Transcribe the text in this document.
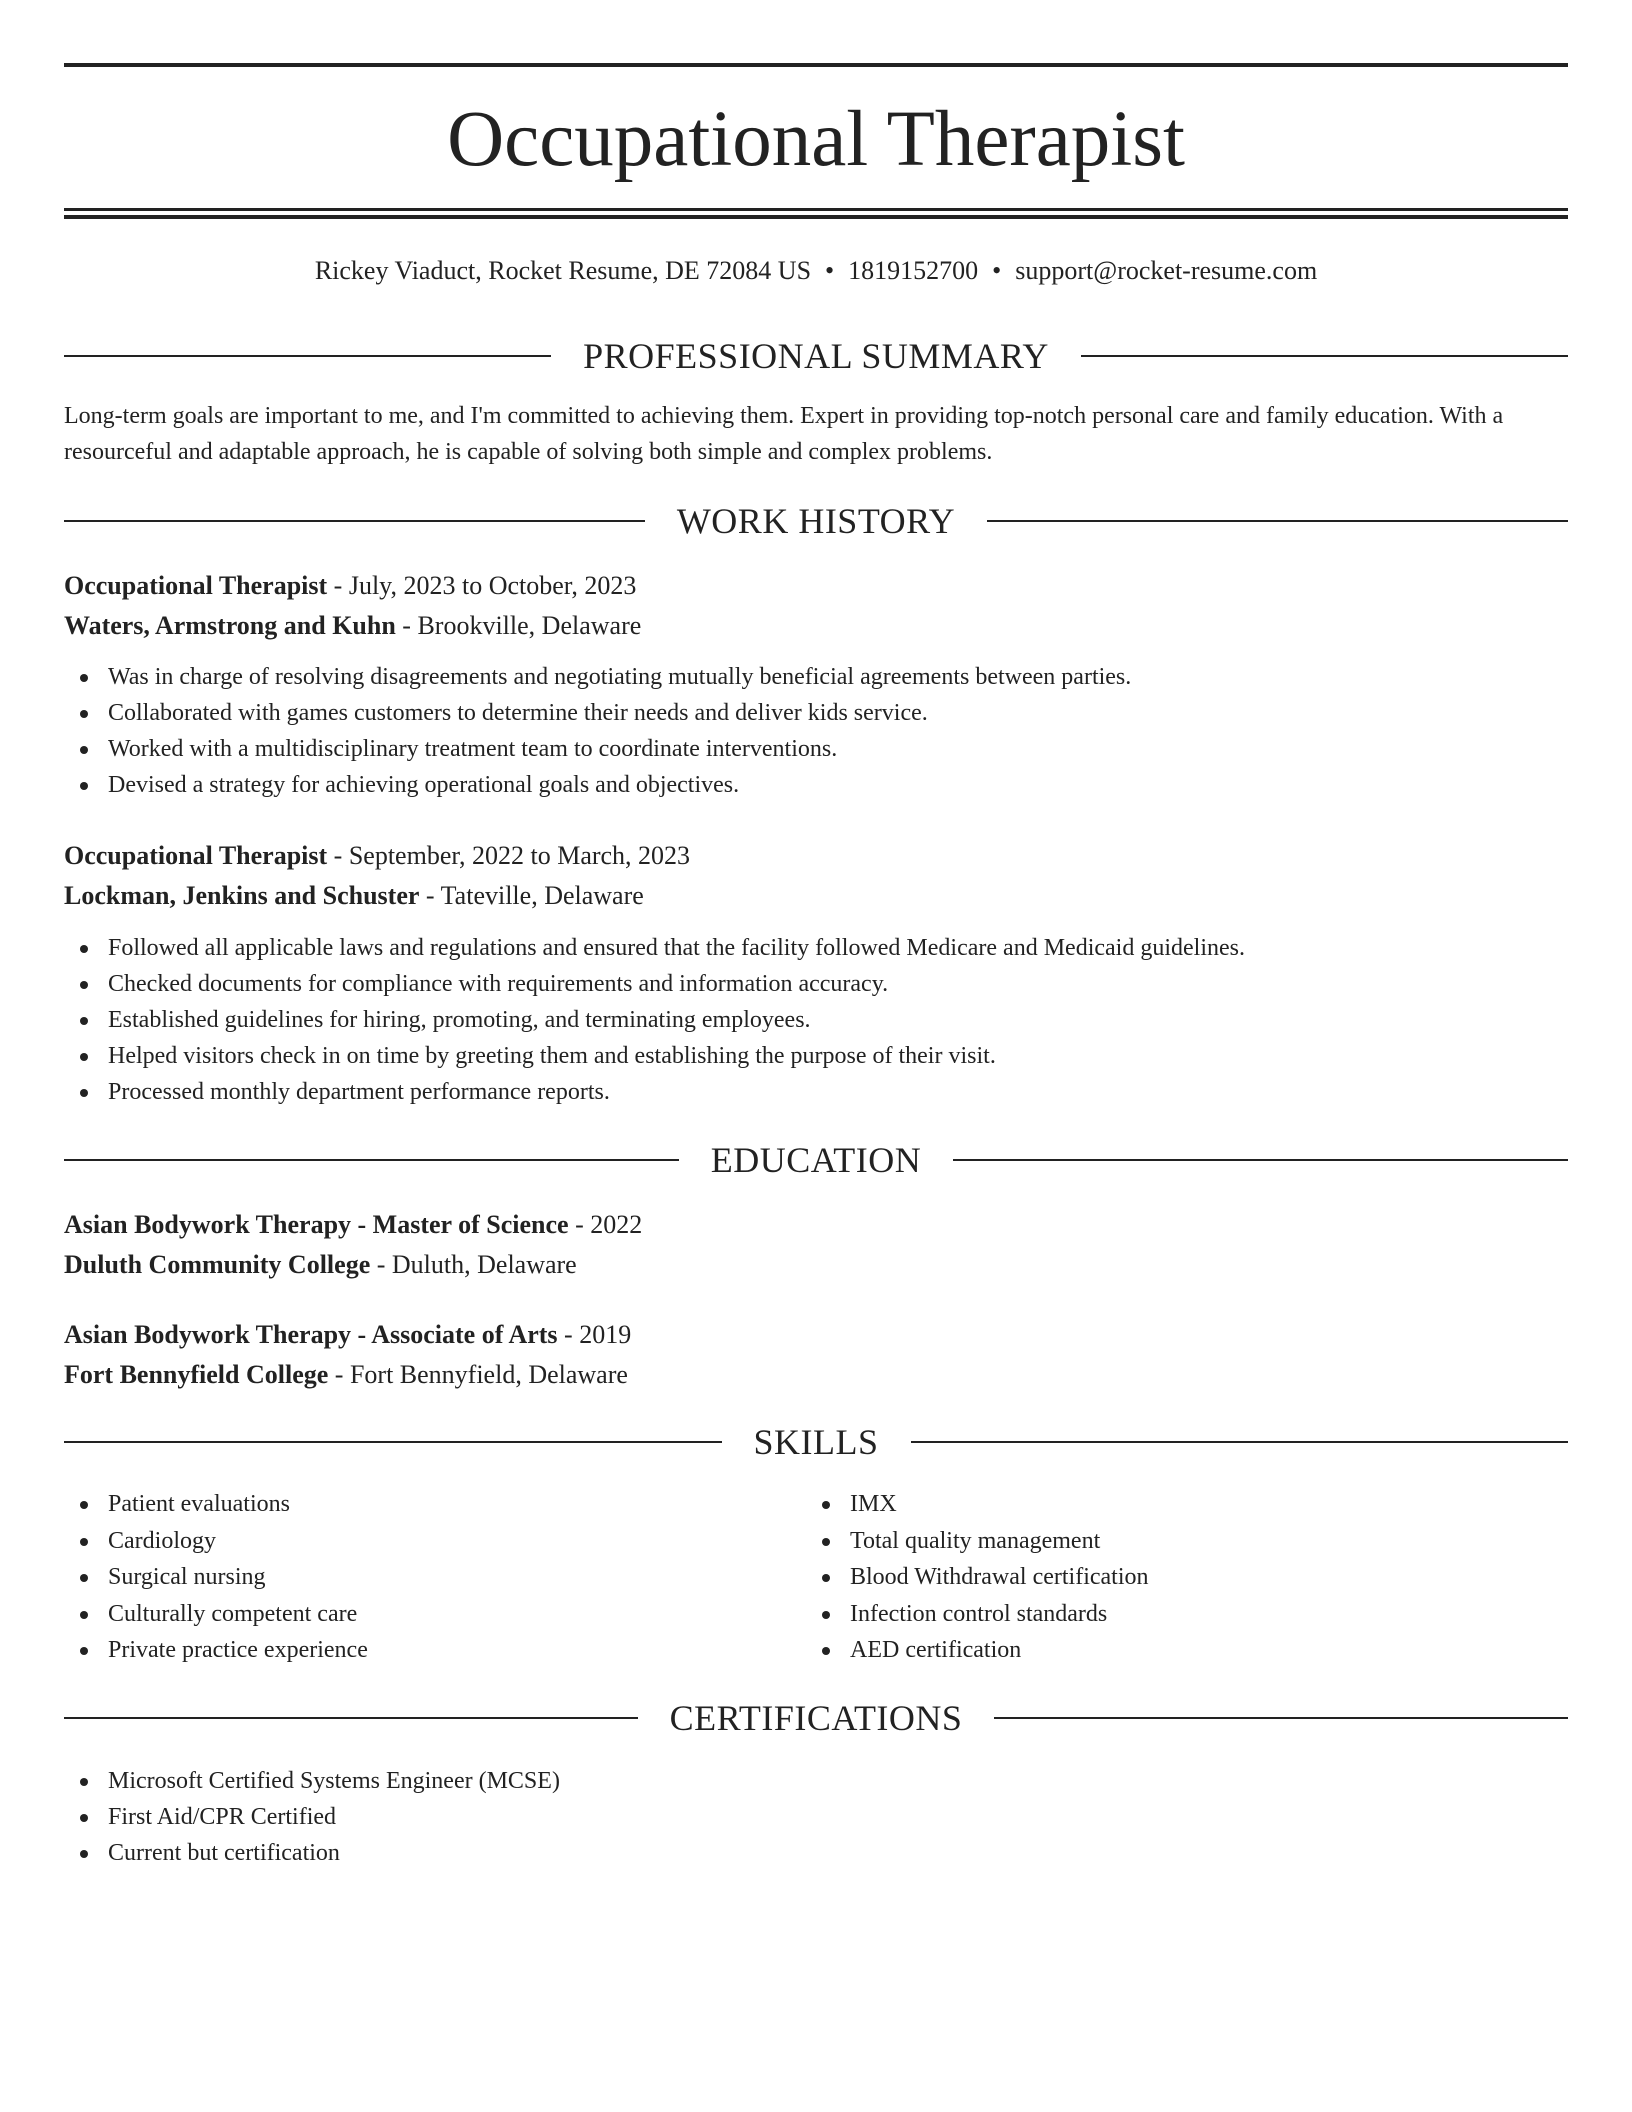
Occupational Therapist
Rickey Viaduct, Rocket Resume, DE 72084 US • 1819152700 • support@rocket-resume.com
PROFESSIONAL SUMMARY

Long-term goals are important to me, and I'm committed to achieving them. Expert in providing top-notch personal care and family education. With a resourceful and adaptable approach, he is capable of solving both simple and complex problems.

WORK HISTORY
Occupational Therapist - July, 2023 to October, 2023
Waters, Armstrong and Kuhn - Brookville, Delaware
Was in charge of resolving disagreements and negotiating mutually beneficial agreements between parties.
Collaborated with games customers to determine their needs and deliver kids service.
Worked with a multidisciplinary treatment team to coordinate interventions.
Devised a strategy for achieving operational goals and objectives.
Occupational Therapist - September, 2022 to March, 2023
Lockman, Jenkins and Schuster - Tateville, Delaware
Followed all applicable laws and regulations and ensured that the facility followed Medicare and Medicaid guidelines.
Checked documents for compliance with requirements and information accuracy.
Established guidelines for hiring, promoting, and terminating employees.
Helped visitors check in on time by greeting them and establishing the purpose of their visit.
Processed monthly department performance reports.
EDUCATION
Asian Bodywork Therapy - Master of Science - 2022
Duluth Community College - Duluth, Delaware
Asian Bodywork Therapy - Associate of Arts - 2019
Fort Bennyfield College - Fort Bennyfield, Delaware
SKILLS
Patient evaluations
Cardiology
Surgical nursing
Culturally competent care
Private practice experience
IMX
Total quality management
Blood Withdrawal certification
Infection control standards
AED certification
CERTIFICATIONS
Microsoft Certified Systems Engineer (MCSE)
First Aid/CPR Certified
Current but certification
